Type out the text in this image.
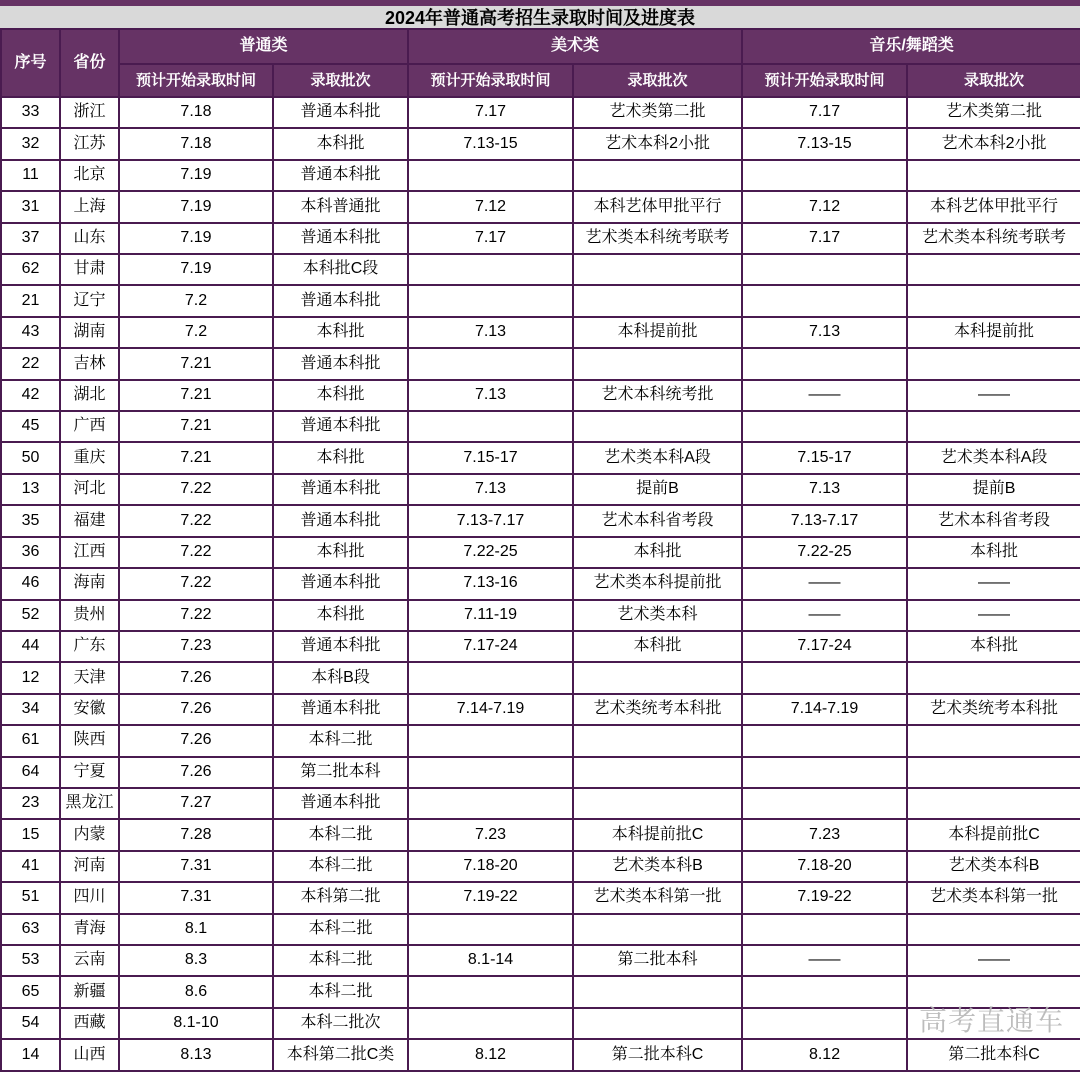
2024年普通高考招生录取时间及进度表
序号	省份	普通类		美术类		音乐/舞蹈类	
		预计开始录取时间	录取批次	预计开始录取时间	录取批次	预计开始录取时间	录取批次
33	浙江	7.18	普通本科批	7.17	艺术类第二批	7.17	艺术类第二批
32	江苏	7.18	本科批	7.13-15	艺术本科2小批	7.13-15	艺术本科2小批
11	北京	7.19	普通本科批				
31	上海	7.19	本科普通批	7.12	本科艺体甲批平行	7.12	本科艺体甲批平行
37	山东	7.19	普通本科批	7.17	艺术类本科统考联考	7.17	艺术类本科统考联考
62	甘肃	7.19	本科批C段				
21	辽宁	7.2	普通本科批				
43	湖南	7.2	本科批	7.13	本科提前批	7.13	本科提前批
22	吉林	7.21	普通本科批				
42	湖北	7.21	本科批	7.13	艺术本科统考批	——	——
45	广西	7.21	普通本科批				
50	重庆	7.21	本科批	7.15-17	艺术类本科A段	7.15-17	艺术类本科A段
13	河北	7.22	普通本科批	7.13	提前B	7.13	提前B
35	福建	7.22	普通本科批	7.13-7.17	艺术本科省考段	7.13-7.17	艺术本科省考段
36	江西	7.22	本科批	7.22-25	本科批	7.22-25	本科批
46	海南	7.22	普通本科批	7.13-16	艺术类本科提前批	——	——
52	贵州	7.22	本科批	7.11-19	艺术类本科	——	——
44	广东	7.23	普通本科批	7.17-24	本科批	7.17-24	本科批
12	天津	7.26	本科B段				
34	安徽	7.26	普通本科批	7.14-7.19	艺术类统考本科批	7.14-7.19	艺术类统考本科批
61	陕西	7.26	本科二批				
64	宁夏	7.26	第二批本科				
23	黑龙江	7.27	普通本科批				
15	内蒙	7.28	本科二批	7.23	本科提前批C	7.23	本科提前批C
41	河南	7.31	本科二批	7.18-20	艺术类本科B	7.18-20	艺术类本科B
51	四川	7.31	本科第二批	7.19-22	艺术类本科第一批	7.19-22	艺术类本科第一批
63	青海	8.1	本科二批				
53	云南	8.3	本科二批	8.1-14	第二批本科	——	——
65	新疆	8.6	本科二批				
54	西藏	8.1-10	本科二批次				
14	山西	8.13	本科第二批C类	8.12	第二批本科C	8.12	第二批本科C
高考直通车
